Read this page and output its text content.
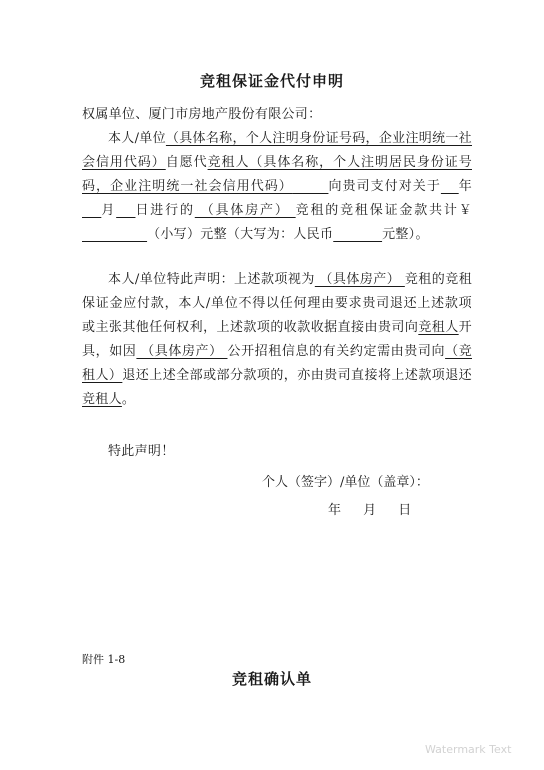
竞租保证金代付申明
权属单位、厦门市房地产股份有限公司：
本人/单位（具体名称，个人注明身份证号码，企业注明统一社会信用代码）自愿代竞租人（具体名称，个人注明居民身份证号码，企业注明统一社会信用代码）	向贵司支付对关于 年  月 日进行的 （具体房产） 竞租的竞租保证金款共计￥        （小写）元整（大写为：人民币	元整）。
本人/单位特此声明：上述款项视为 （具体房产） 竞租的竞租保证金应付款，本人/单位不得以任何理由要求贵司退还上述款项或主张其他任何权利，上述款项的收款收据直接由贵司向竞租人开具，如因 （具体房产） 公开招租信息的有关约定需由贵司向（竞租人）退还上述全部或部分款项的，亦由贵司直接将上述款项退还竞租人。
特此声明！
个人（签字）/单位（盖章）：
年 月 日
附件 1-8
竞租确认单
Watermark Text
